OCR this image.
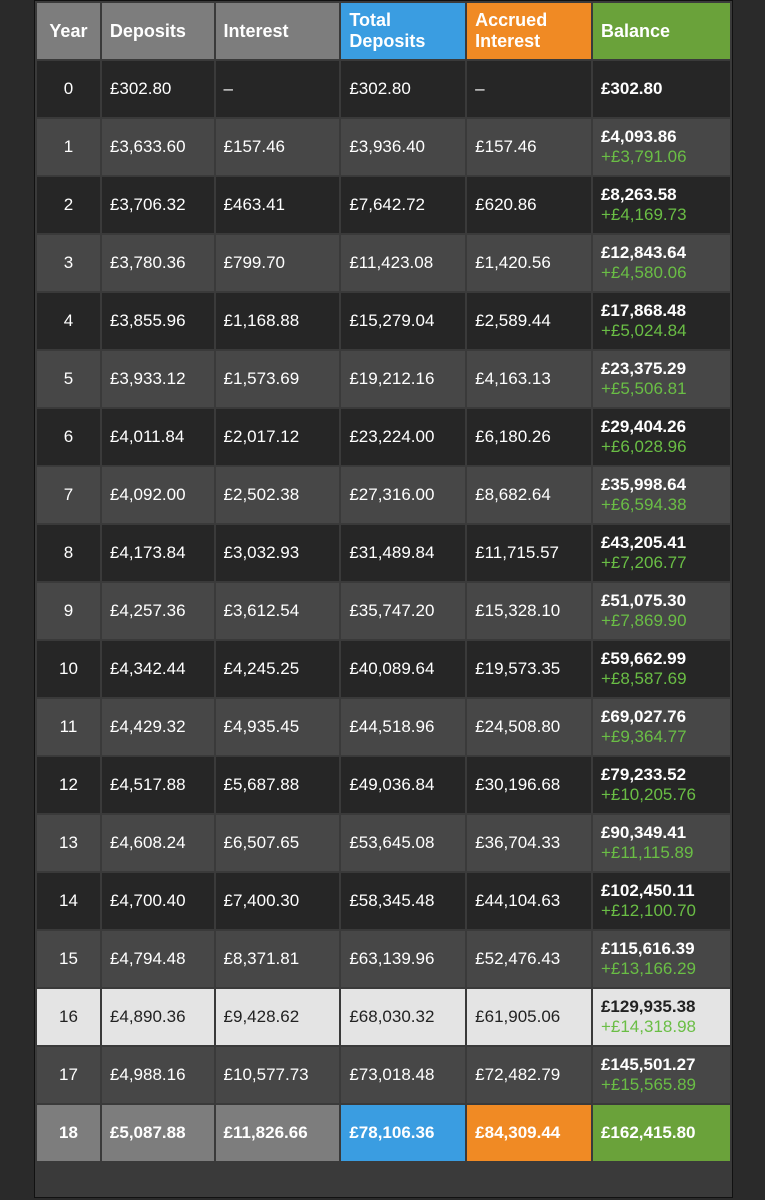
Year	Deposits	Interest	Total Deposits	Accrued Interest	Balance
0	£302.80	–	£302.80	–	£302.80

1	£3,633.60	£157.46	£3,936.40	£157.46	£4,093.86
+£3,791.06

2	£3,706.32	£463.41	£7,642.72	£620.86	£8,263.58
+£4,169.73

3	£3,780.36	£799.70	£11,423.08	£1,420.56	£12,843.64
+£4,580.06

4	£3,855.96	£1,168.88	£15,279.04	£2,589.44	£17,868.48
+£5,024.84

5	£3,933.12	£1,573.69	£19,212.16	£4,163.13	£23,375.29
+£5,506.81

6	£4,011.84	£2,017.12	£23,224.00	£6,180.26	£29,404.26
+£6,028.96

7	£4,092.00	£2,502.38	£27,316.00	£8,682.64	£35,998.64
+£6,594.38

8	£4,173.84	£3,032.93	£31,489.84	£11,715.57	£43,205.41
+£7,206.77

9	£4,257.36	£3,612.54	£35,747.20	£15,328.10	£51,075.30
+£7,869.90

10	£4,342.44	£4,245.25	£40,089.64	£19,573.35	£59,662.99
+£8,587.69

11	£4,429.32	£4,935.45	£44,518.96	£24,508.80	£69,027.76
+£9,364.77

12	£4,517.88	£5,687.88	£49,036.84	£30,196.68	£79,233.52
+£10,205.76

13	£4,608.24	£6,507.65	£53,645.08	£36,704.33	£90,349.41
+£11,115.89

14	£4,700.40	£7,400.30	£58,345.48	£44,104.63	£102,450.11
+£12,100.70

15	£4,794.48	£8,371.81	£63,139.96	£52,476.43	£115,616.39
+£13,166.29

16	£4,890.36	£9,428.62	£68,030.32	£61,905.06	£129,935.38
+£14,318.98

17	£4,988.16	£10,577.73	£73,018.48	£72,482.79	£145,501.27
+£15,565.89

18	£5,087.88	£11,826.66	£78,106.36	£84,309.44	£162,415.80
